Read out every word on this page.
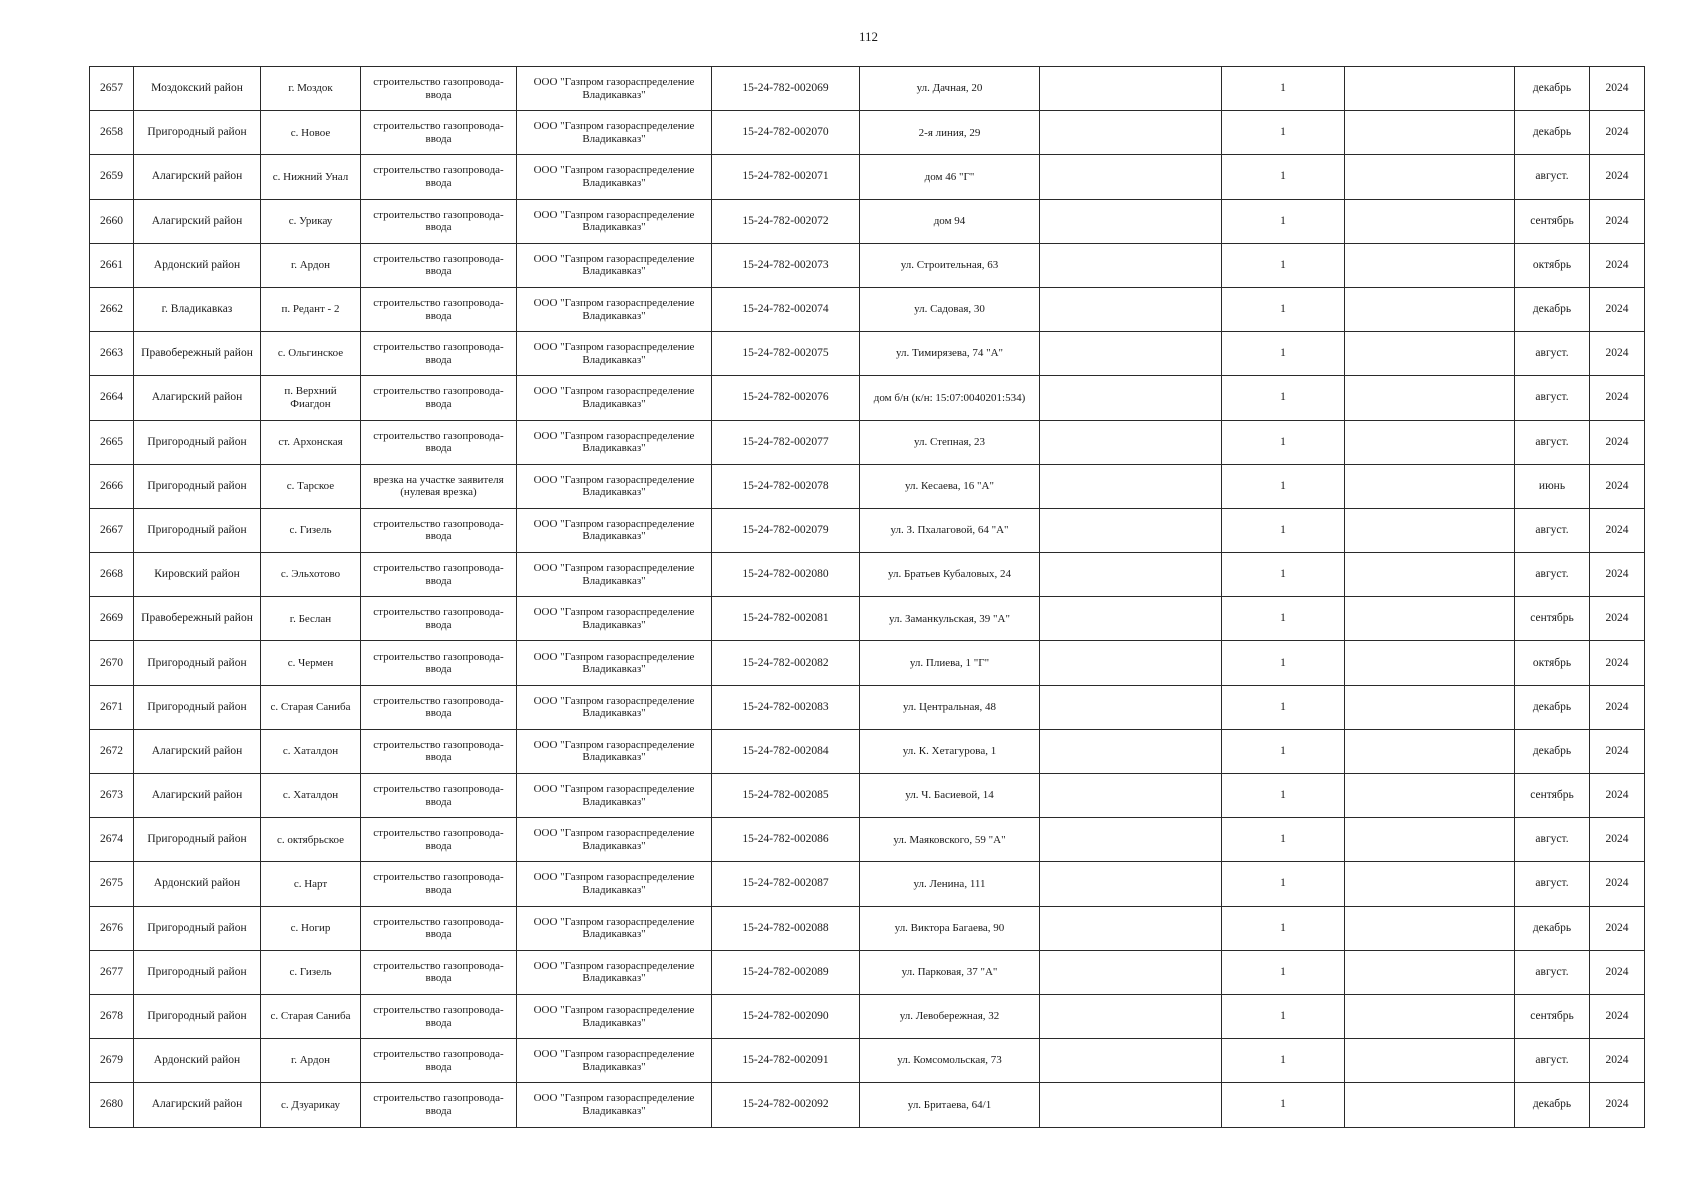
112
2657	Моздокский район	г. Моздок	строительство газопровода-ввода	ООО "Газпром газораспределение Владикавказ"	15-24-782-002069	ул. Дачная, 20		1		декабрь	2024
2658	Пригородный район	с. Новое	строительство газопровода-ввода	ООО "Газпром газораспределение Владикавказ"	15-24-782-002070	2-я линия, 29		1		декабрь	2024
2659	Алагирский район	с. Нижний Унал	строительство газопровода-ввода	ООО "Газпром газораспределение Владикавказ"	15-24-782-002071	дом 46 "Г"		1		август.	2024
2660	Алагирский район	с. Урикау	строительство газопровода-ввода	ООО "Газпром газораспределение Владикавказ"	15-24-782-002072	дом 94		1		сентябрь	2024
2661	Ардонский район	г. Ардон	строительство газопровода-ввода	ООО "Газпром газораспределение Владикавказ"	15-24-782-002073	ул. Строительная, 63		1		октябрь	2024
2662	г. Владикавказ	п. Редант - 2	строительство газопровода-ввода	ООО "Газпром газораспределение Владикавказ"	15-24-782-002074	ул. Садовая, 30		1		декабрь	2024
2663	Правобережный район	с. Ольгинское	строительство газопровода-ввода	ООО "Газпром газораспределение Владикавказ"	15-24-782-002075	ул. Тимирязева, 74 "А"		1		август.	2024
2664	Алагирский район	п. Верхний Фиагдон	строительство газопровода-ввода	ООО "Газпром газораспределение Владикавказ"	15-24-782-002076	дом б/н (к/н: 15:07:0040201:534)		1		август.	2024
2665	Пригородный район	ст. Архонская	строительство газопровода-ввода	ООО "Газпром газораспределение Владикавказ"	15-24-782-002077	ул. Степная, 23		1		август.	2024
2666	Пригородный район	с. Тарское	врезка на участке заявителя (нулевая врезка)	ООО "Газпром газораспределение Владикавказ"	15-24-782-002078	ул. Кесаева, 16 "А"		1		июнь	2024
2667	Пригородный район	с. Гизель	строительство газопровода-ввода	ООО "Газпром газораспределение Владикавказ"	15-24-782-002079	ул. З. Пхалаговой, 64 "А"		1		август.	2024
2668	Кировский район	с. Эльхотово	строительство газопровода-ввода	ООО "Газпром газораспределение Владикавказ"	15-24-782-002080	ул. Братьев Кубаловых, 24		1		август.	2024
2669	Правобережный район	г. Беслан	строительство газопровода-ввода	ООО "Газпром газораспределение Владикавказ"	15-24-782-002081	ул. Заманкульская, 39 "А"		1		сентябрь	2024
2670	Пригородный район	с. Чермен	строительство газопровода-ввода	ООО "Газпром газораспределение Владикавказ"	15-24-782-002082	ул. Плиева, 1 "Г"		1		октябрь	2024
2671	Пригородный район	с. Старая Саниба	строительство газопровода-ввода	ООО "Газпром газораспределение Владикавказ"	15-24-782-002083	ул. Центральная, 48		1		декабрь	2024
2672	Алагирский район	с. Хаталдон	строительство газопровода-ввода	ООО "Газпром газораспределение Владикавказ"	15-24-782-002084	ул. К. Хетагурова, 1		1		декабрь	2024
2673	Алагирский район	с. Хаталдон	строительство газопровода-ввода	ООО "Газпром газораспределение Владикавказ"	15-24-782-002085	ул. Ч. Басиевой, 14		1		сентябрь	2024
2674	Пригородный район	с. октябрьское	строительство газопровода-ввода	ООО "Газпром газораспределение Владикавказ"	15-24-782-002086	ул. Маяковского, 59 "А"		1		август.	2024
2675	Ардонский район	с. Нарт	строительство газопровода-ввода	ООО "Газпром газораспределение Владикавказ"	15-24-782-002087	ул. Ленина, 111		1		август.	2024
2676	Пригородный район	с. Ногир	строительство газопровода-ввода	ООО "Газпром газораспределение Владикавказ"	15-24-782-002088	ул. Виктора Багаева, 90		1		декабрь	2024
2677	Пригородный район	с. Гизель	строительство газопровода-ввода	ООО "Газпром газораспределение Владикавказ"	15-24-782-002089	ул. Парковая, 37 "А"		1		август.	2024
2678	Пригородный район	с. Старая Саниба	строительство газопровода-ввода	ООО "Газпром газораспределение Владикавказ"	15-24-782-002090	ул. Левобережная, 32		1		сентябрь	2024
2679	Ардонский район	г. Ардон	строительство газопровода-ввода	ООО "Газпром газораспределение Владикавказ"	15-24-782-002091	ул. Комсомольская, 73		1		август.	2024
2680	Алагирский район	с. Дзуарикау	строительство газопровода-ввода	ООО "Газпром газораспределение Владикавказ"	15-24-782-002092	ул. Бритаева, 64/1		1		декабрь	2024
